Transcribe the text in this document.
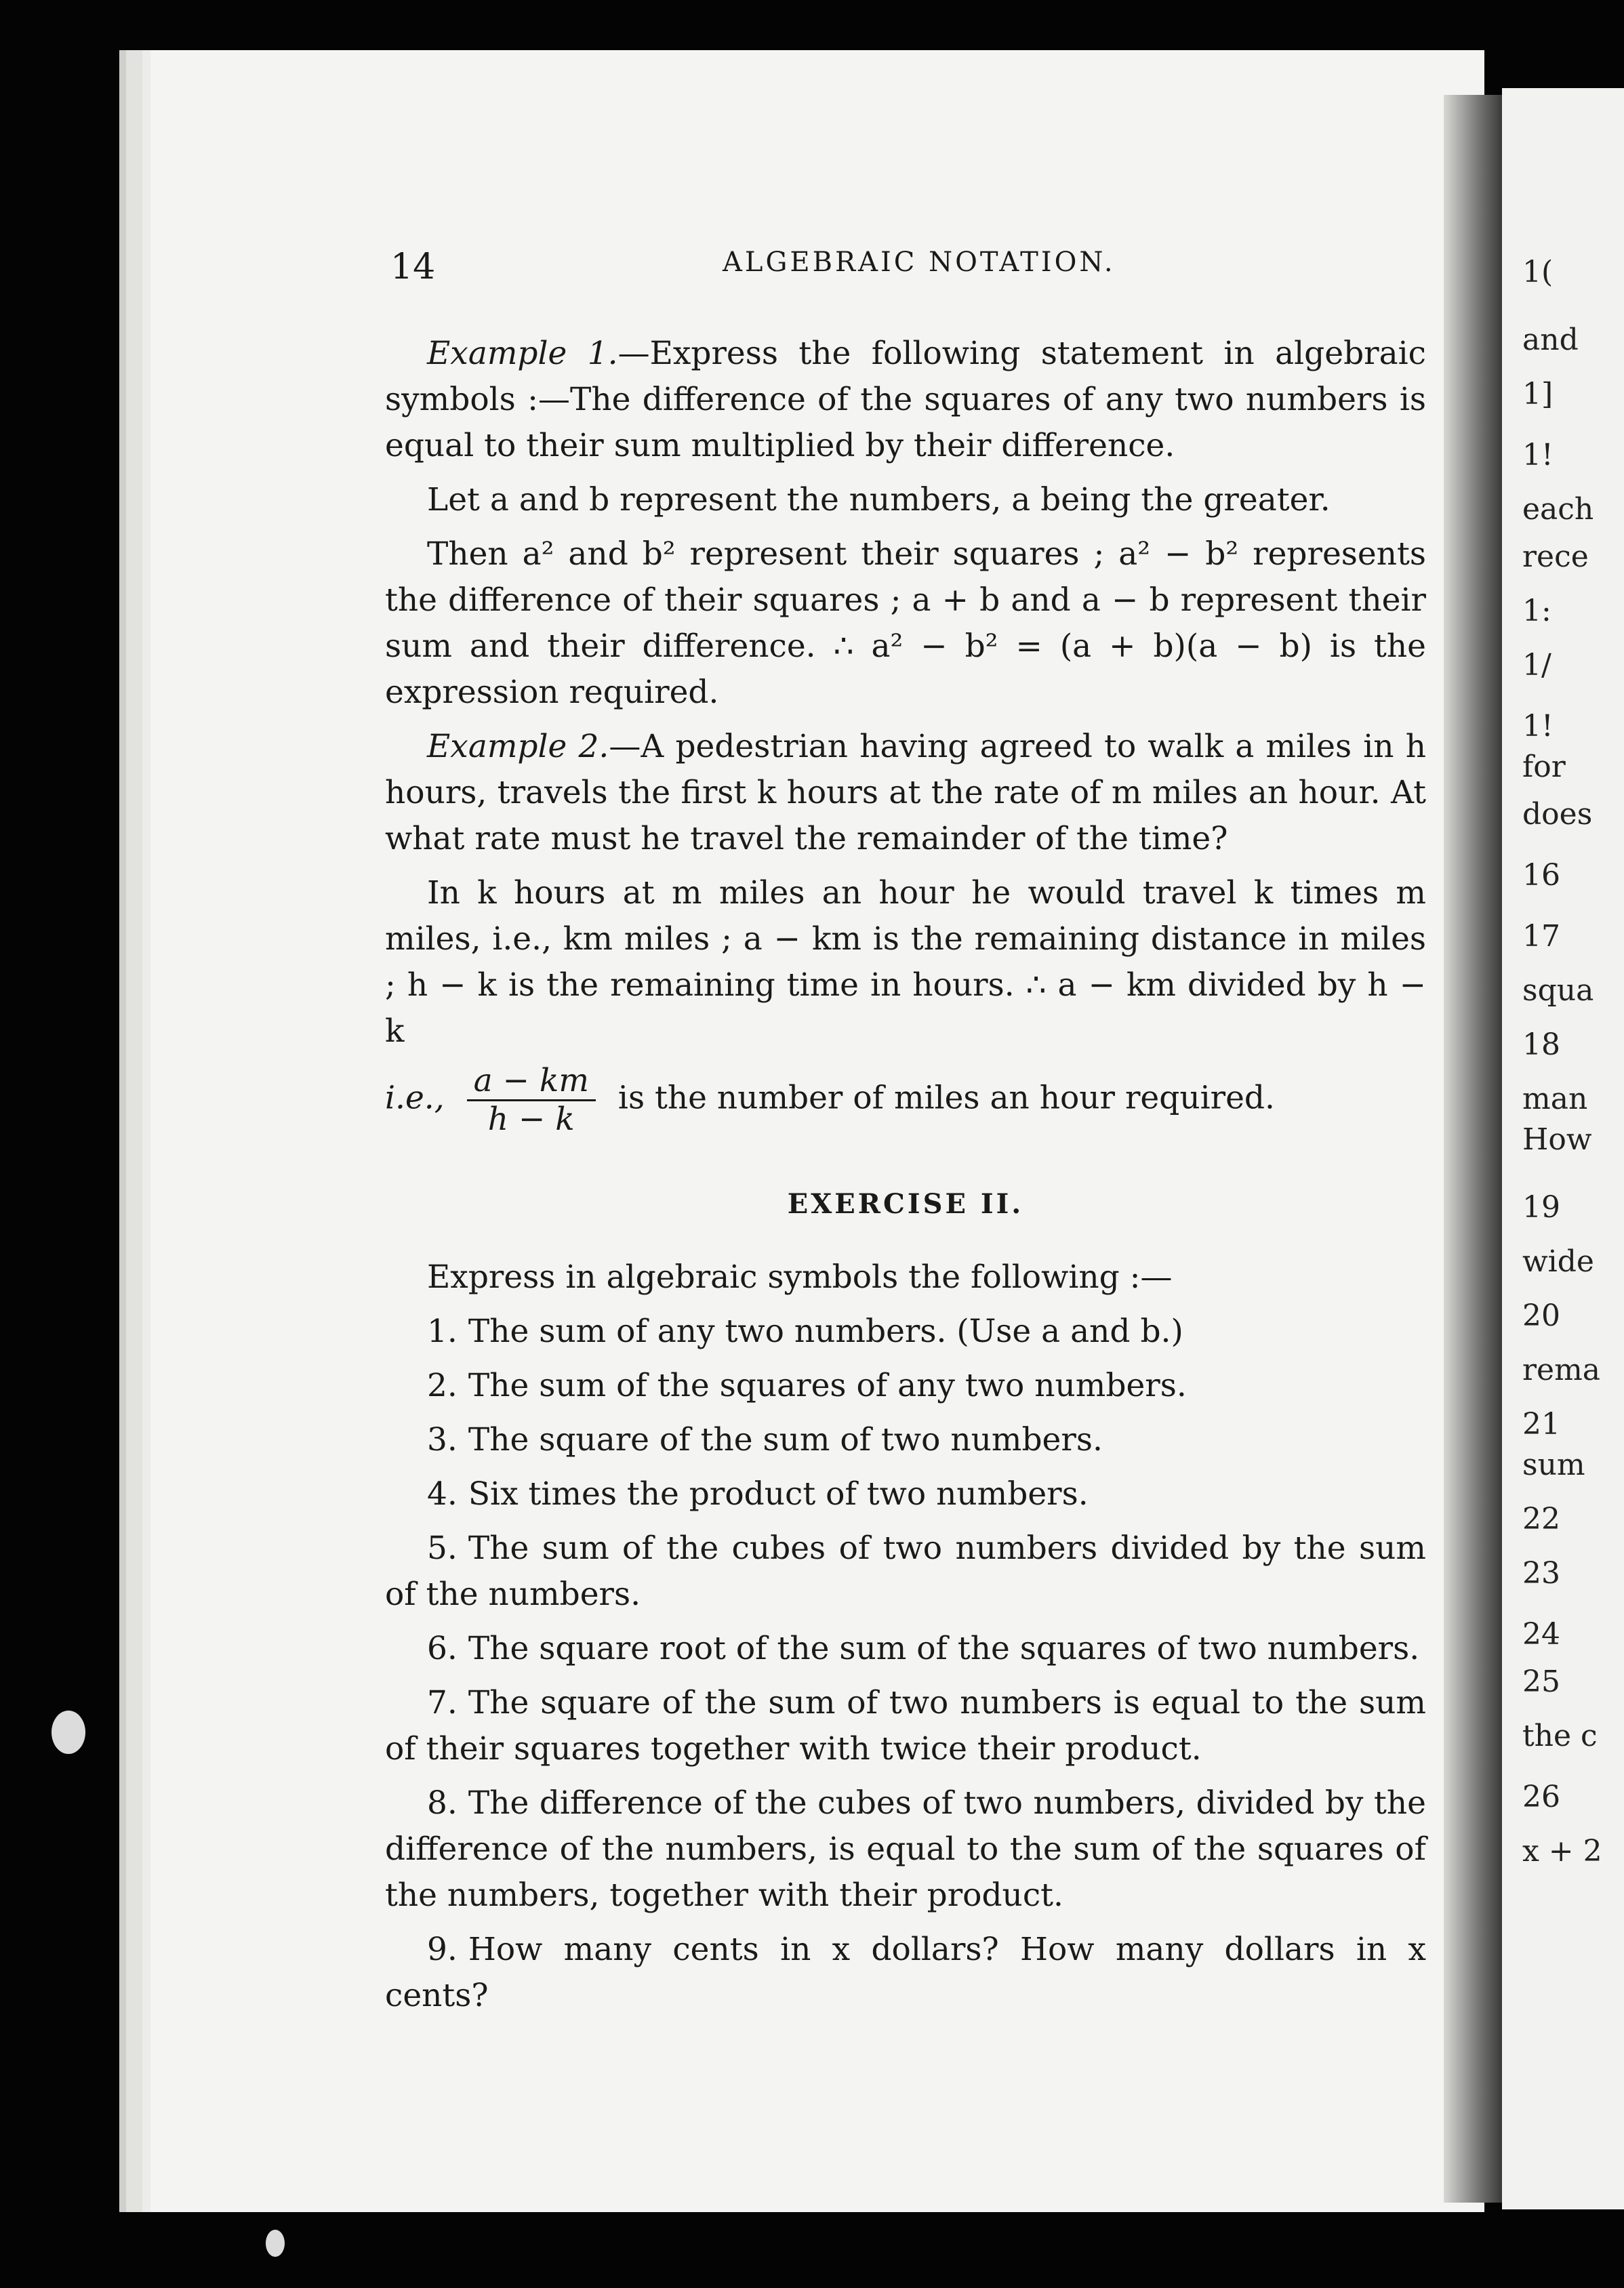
1(
and
1]
1!
each
rece
1:
1/
1!
for
does
16
17
squa
18
man
How
19
wide
20
rema
21
sum
22
23
24
25
the c
26
x + 2
14	ALGEBRAIC NOTATION.

Example 1.—Express the following statement in algebraic symbols :—The difference of the squares of any two numbers is equal to their sum multiplied by their difference.

Let a and b represent the numbers, a being the greater.

Then a² and b² represent their squares ; a² − b² represents the difference of their squares ; a + b and a − b represent their sum and their difference. ∴ a² − b² = (a + b)(a − b) is the expression required.

Example 2.—A pedestrian having agreed to walk a miles in h hours, travels the first k hours at the rate of m miles an hour. At what rate must he travel the remainder of the time?

In k hours at m miles an hour he would travel k times m miles, i.e., km miles ; a − km is the remaining distance in miles ; h − k is the remaining time in hours. ∴ a − km divided by h − k

i.e., $\frac{a - km}{h - k}$ is the number of miles an hour required.
EXERCISE II.

Express in algebraic symbols the following :—

1. The sum of any two numbers. (Use a and b.)
2. The sum of the squares of any two numbers.
3. The square of the sum of two numbers.
4. Six times the product of two numbers.
5. The sum of the cubes of two numbers divided by the sum of the numbers.
6. The square root of the sum of the squares of two numbers.
7. The square of the sum of two numbers is equal to the sum of their squares together with twice their product.
8. The difference of the cubes of two numbers, divided by the difference of the numbers, is equal to the sum of the squares of the numbers, together with their product.
9. How many cents in x dollars? How many dollars in x cents?
